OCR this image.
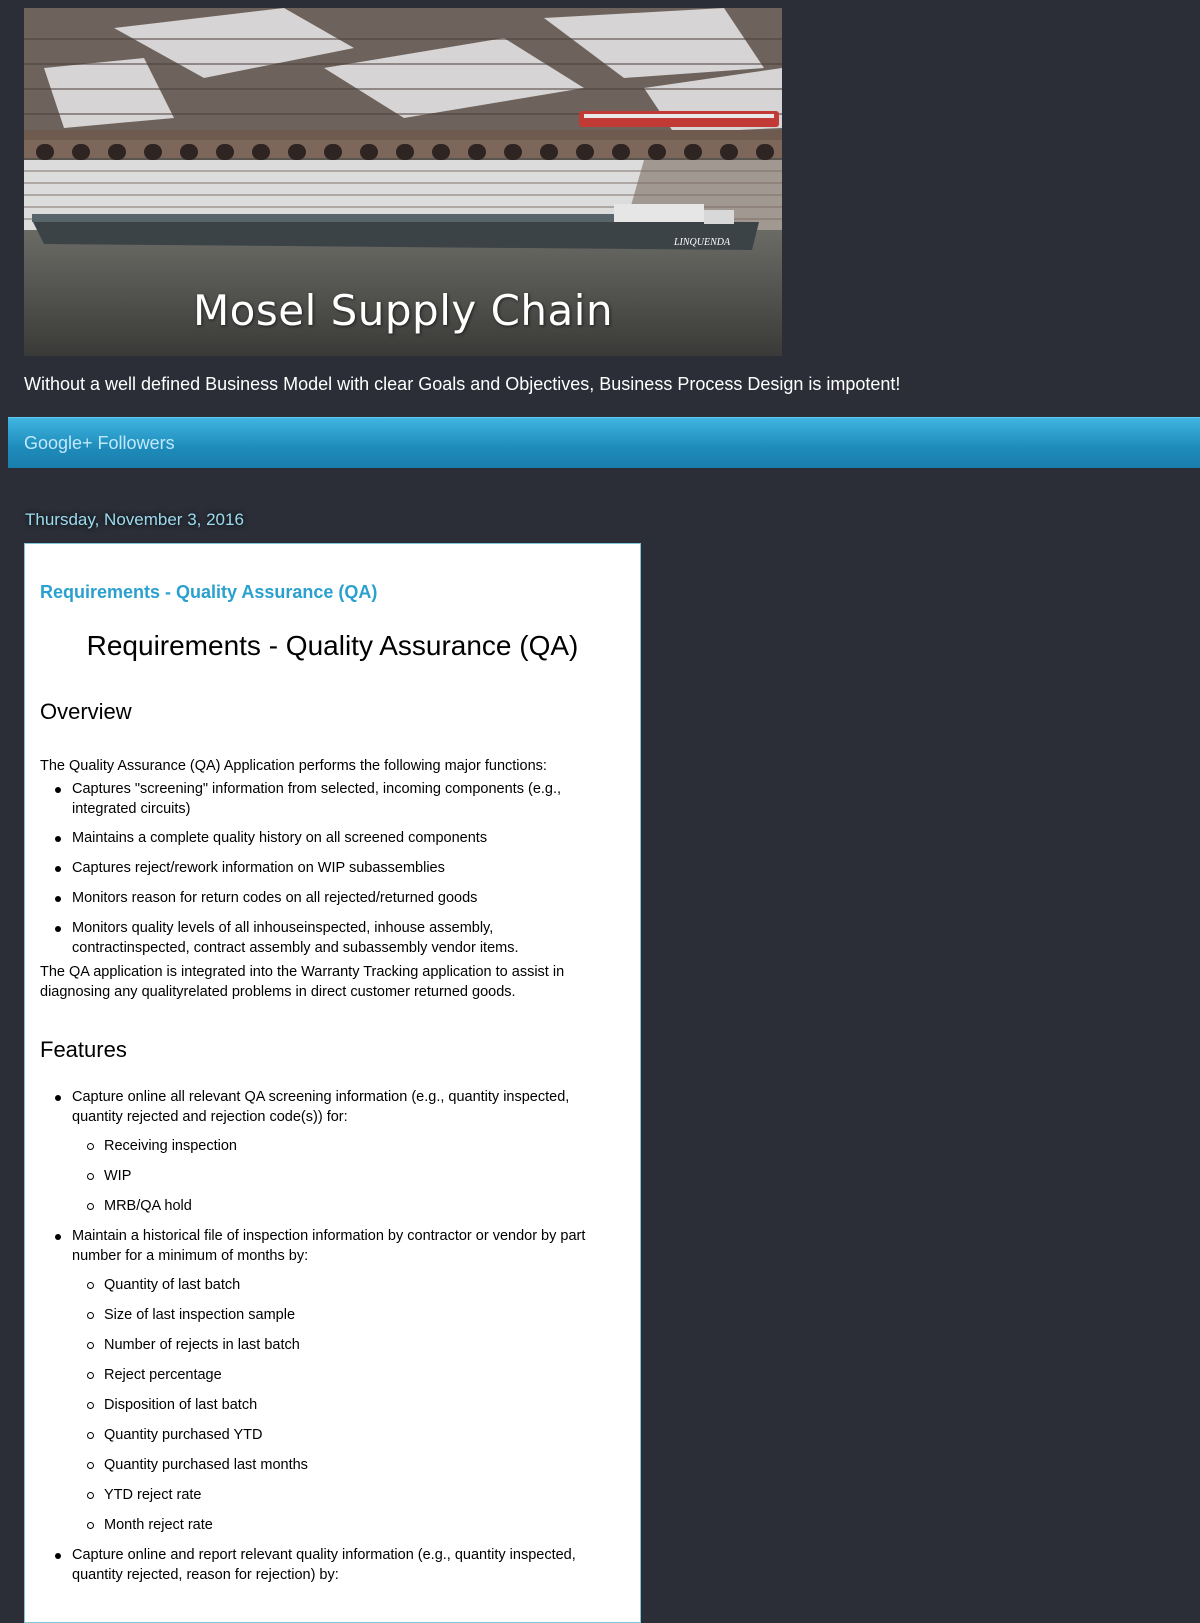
LINQUENDA
Mosel Supply Chain
Without a well defined Business Model with clear Goals and Objectives, Business Process Design is impotent!
Google+ Followers
Thursday, November 3, 2016
Requirements - Quality Assurance (QA)
Requirements - Quality Assurance (QA)
Overview

The Quality Assurance (QA) Application performs the following major functions:

Captures "screening" information from selected, incoming components (e.g., integrated circuits)
Maintains a complete quality history on all screened components
Captures reject/rework information on WIP subassemblies
Monitors reason for return codes on all rejected/returned goods
Monitors quality levels of all inhouseinspected, inhouse assembly, contractinspected, contract assembly and subassembly vendor items.

The QA application is integrated into the Warranty Tracking application to assist in diagnosing any qualityrelated problems in direct customer returned goods.

Features
Capture online all relevant QA screening information (e.g., quantity inspected, quantity rejected and rejection code(s)) for:
Receiving inspection
WIP
MRB/QA hold
Maintain a historical file of inspection information by contractor or vendor by part number for a minimum of months by:
Quantity of last batch
Size of last inspection sample
Number of rejects in last batch
Reject percentage
Disposition of last batch
Quantity purchased YTD
Quantity purchased last months
YTD reject rate
Month reject rate
Capture online and report relevant quality information (e.g., quantity inspected, quantity rejected, reason for rejection) by:
